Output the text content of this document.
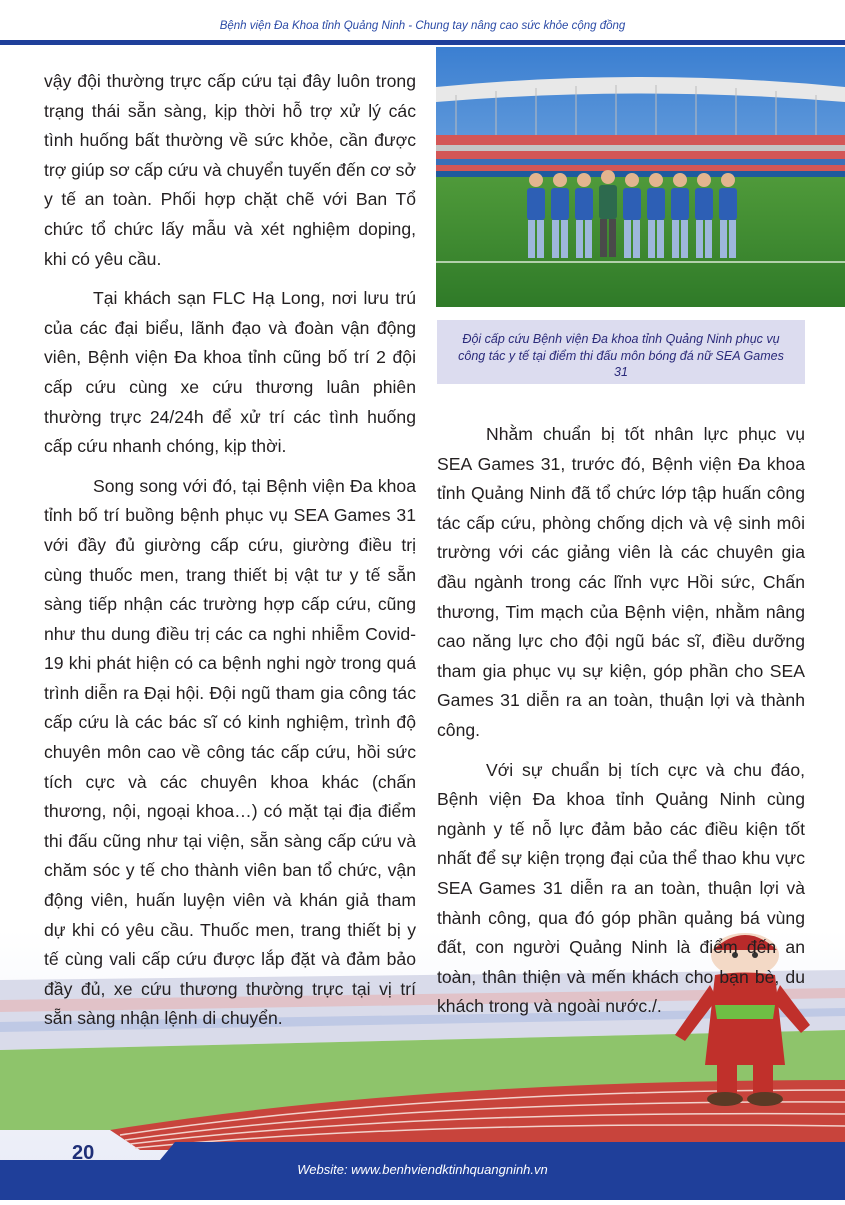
Bệnh viện Đa Khoa tỉnh Quảng Ninh - Chung tay nâng cao sức khỏe cộng đồng
Đội cấp cứu Bệnh viện Đa khoa tỉnh Quảng Ninh phục vụ công tác y tế tại điểm thi đấu môn bóng đá nữ SEA Games 31

vậy đội thường trực cấp cứu tại đây luôn trong trạng thái sẵn sàng, kịp thời hỗ trợ xử lý các tình huống bất thường về sức khỏe, cần được trợ giúp sơ cấp cứu và chuyển tuyến đến cơ sở y tế an toàn. Phối hợp chặt chẽ với Ban Tổ chức tổ chức lấy mẫu và xét nghiệm doping, khi có yêu cầu.

Tại khách sạn FLC Hạ Long, nơi lưu trú của các đại biểu, lãnh đạo và đoàn vận động viên, Bệnh viện Đa khoa tỉnh cũng bố trí 2 đội cấp cứu cùng xe cứu thương luân phiên thường trực 24/24h để xử trí các tình huống cấp cứu nhanh chóng, kịp thời.

Song song với đó, tại Bệnh viện Đa khoa tỉnh bố trí buồng bệnh phục vụ SEA Games 31 với đầy đủ giường cấp cứu, giường điều trị cùng thuốc men, trang thiết bị vật tư y tế sẵn sàng tiếp nhận các trường hợp cấp cứu, cũng như thu dung điều trị các ca nghi nhiễm Covid-19 khi phát hiện có ca bệnh nghi ngờ trong quá trình diễn ra Đại hội. Đội ngũ tham gia công tác cấp cứu là các bác sĩ có kinh nghiệm, trình độ chuyên môn cao về công tác cấp cứu, hồi sức tích cực và các chuyên khoa khác (chấn thương, nội, ngoại khoa…) có mặt tại địa điểm thi đấu cũng như tại viện, sẵn sàng cấp cứu và chăm sóc y tế cho thành viên ban tổ chức, vận động viên, huấn luyện viên và khán giả tham dự khi có yêu cầu. Thuốc men, trang thiết bị y tế cùng vali cấp cứu được lắp đặt và đảm bảo đầy đủ, xe cứu thương thường trực tại vị trí sẵn sàng nhận lệnh di chuyển.

Nhằm chuẩn bị tốt nhân lực phục vụ SEA Games 31, trước đó, Bệnh viện Đa khoa tỉnh Quảng Ninh đã tổ chức lớp tập huấn công tác cấp cứu, phòng chống dịch và vệ sinh môi trường với các giảng viên là các chuyên gia đầu ngành trong các lĩnh vực Hồi sức, Chấn thương, Tim mạch của Bệnh viện, nhằm nâng cao năng lực cho đội ngũ bác sĩ, điều dưỡng tham gia phục vụ sự kiện, góp phần cho SEA Games 31 diễn ra an toàn, thuận lợi và thành công.

Với sự chuẩn bị tích cực và chu đáo, Bệnh viện Đa khoa tỉnh Quảng Ninh cùng ngành y tế nỗ lực đảm bảo các điều kiện tốt nhất để sự kiện trọng đại của thể thao khu vực SEA Games 31 diễn ra an toàn, thuận lợi và thành công, qua đó góp phần quảng bá vùng đất, con người Quảng Ninh là điểm đến an toàn, thân thiện và mến khách cho bạn bè, du khách trong và ngoài nước./.

20
Website: www.benhviendktinhquangninh.vn
